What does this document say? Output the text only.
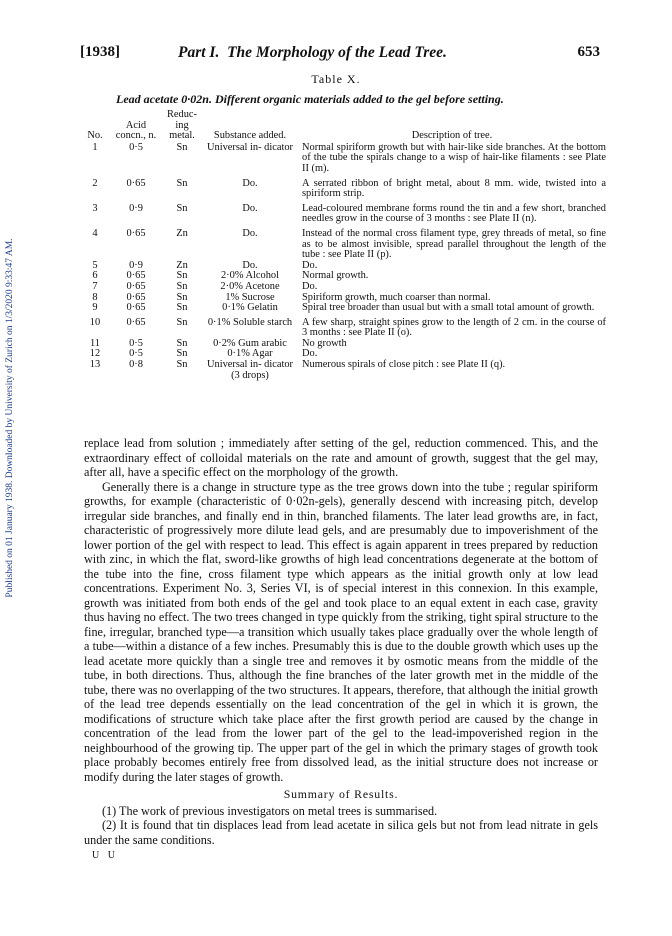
Published on 01 January 1938. Downloaded by University of Zurich on 1/3/2020 9:33:47 AM.
[1938]	Part I. The Morphology of the Lead Tree.	653
Table X.
Lead acetate 0·02n. Different organic materials added to the gel before setting.
No.	Acid concn., n.	Reduc- ing metal.	Substance added.	Description of tree.
1	0·5	Sn	Universal in- dicator	Normal spiriform growth but with hair-like side branches. At the bottom of the tube the spirals change to a wisp of hair-like filaments : see Plate II (m).
2	0·65	Sn	Do.	A serrated ribbon of bright metal, about 8 mm. wide, twisted into a spiriform strip.
3	0·9	Sn	Do.	Lead-coloured membrane forms round the tin and a few short, branched needles grow in the course of 3 months : see Plate II (n).
4	0·65	Zn	Do.	Instead of the normal cross filament type, grey threads of metal, so fine as to be almost invisible, spread parallel throughout the length of the tube : see Plate II (p).
5	0·9	Zn	Do.	Do.
6	0·65	Sn	2·0% Alcohol	Normal growth.
7	0·65	Sn	2·0% Acetone	Do.
8	0·65	Sn	1% Sucrose	Spiriform growth, much coarser than normal.
9	0·65	Sn	0·1% Gelatin	Spiral tree broader than usual but with a small total amount of growth.
10	0·65	Sn	0·1% Soluble starch	A few sharp, straight spines grow to the length of 2 cm. in the course of 3 months : see Plate II (o).
11	0·5	Sn	0·2% Gum arabic	No growth
12	0·5	Sn	0·1% Agar	Do.
13	0·8	Sn	Universal in- dicator (3 drops)	Numerous spirals of close pitch : see Plate II (q).

replace lead from solution ; immediately after setting of the gel, reduction commenced. This, and the extraordinary effect of colloidal materials on the rate and amount of growth, suggest that the gel may, after all, have a specific effect on the morphology of the growth.

Generally there is a change in structure type as the tree grows down into the tube ; regular spiriform growths, for example (characteristic of 0·02n-gels), generally descend with increasing pitch, develop irregular side branches, and finally end in thin, branched filaments. The later lead growths are, in fact, characteristic of progressively more dilute lead gels, and are presumably due to impoverishment of the lower portion of the gel with respect to lead. This effect is again apparent in trees prepared by reduction with zinc, in which the flat, sword-like growths of high lead concentrations degenerate at the bottom of the tube into the fine, cross filament type which appears as the initial growth only at low lead concentrations. Experiment No. 3, Series VI, is of special interest in this connexion. In this example, growth was initiated from both ends of the gel and took place to an equal extent in each case, gravity thus having no effect. The two trees changed in type quickly from the striking, tight spiral structure to the fine, irregular, branched type—a transition which usually takes place gradually over the whole length of a tube—within a distance of a few inches. Presumably this is due to the double growth which uses up the lead acetate more quickly than a single tree and removes it by osmotic means from the middle of the tube, in both directions. Thus, although the fine branches of the later growth met in the middle of the tube, there was no overlapping of the two structures. It appears, therefore, that although the initial growth of the lead tree depends essentially on the lead concentration of the gel in which it is grown, the modifications of structure which take place after the first growth period are caused by the change in concentration of the lead from the lower part of the gel to the lead-impoverished region in the neighbourhood of the growing tip. The upper part of the gel in which the primary stages of growth took place probably becomes entirely free from dissolved lead, as the initial structure does not increase or modify during the later stages of growth.

Summary of Results.

(1) The work of previous investigators on metal trees is summarised.

(2) It is found that tin displaces lead from lead acetate in silica gels but not from lead nitrate in gels under the same conditions.

U U
